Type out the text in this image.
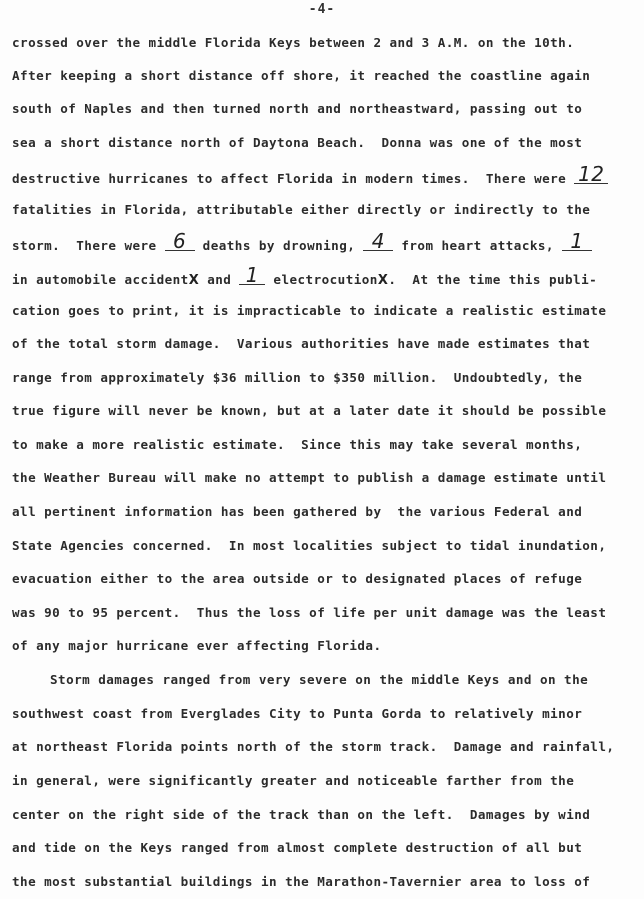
-4-
crossed over the middle Florida Keys between 2 and 3 A.M. on the 10th.
After keeping a short distance off shore, it reached the coastline again
south of Naples and then turned north and northeastward, passing out to
sea a short distance north of Daytona Beach.  Donna was one of the most
destructive hurricanes to affect Florida in modern times.  There were 12
fatalities in Florida, attributable either directly or indirectly to the
storm.  There were 6 deaths by drowning, 4 from heart attacks, 1
in automobile accidentX and 1 electrocutionX.  At the time this publi-
cation goes to print, it is impracticable to indicate a realistic estimate
of the total storm damage.  Various authorities have made estimates that
range from approximately $36 million to $350 million.  Undoubtedly, the
true figure will never be known, but at a later date it should be possible
to make a more realistic estimate.  Since this may take several months,
the Weather Bureau will make no attempt to publish a damage estimate until
all pertinent information has been gathered by  the various Federal and
State Agencies concerned.  In most localities subject to tidal inundation,
evacuation either to the area outside or to designated places of refuge
was 90 to 95 percent.  Thus the loss of life per unit damage was the least
of any major hurricane ever affecting Florida.
Storm damages ranged from very severe on the middle Keys and on the
southwest coast from Everglades City to Punta Gorda to relatively minor
at northeast Florida points north of the storm track.  Damage and rainfall,
in general, were significantly greater and noticeable farther from the
center on the right side of the track than on the left.  Damages by wind
and tide on the Keys ranged from almost complete destruction of all but
the most substantial buildings in the Marathon-Tavernier area to loss of
